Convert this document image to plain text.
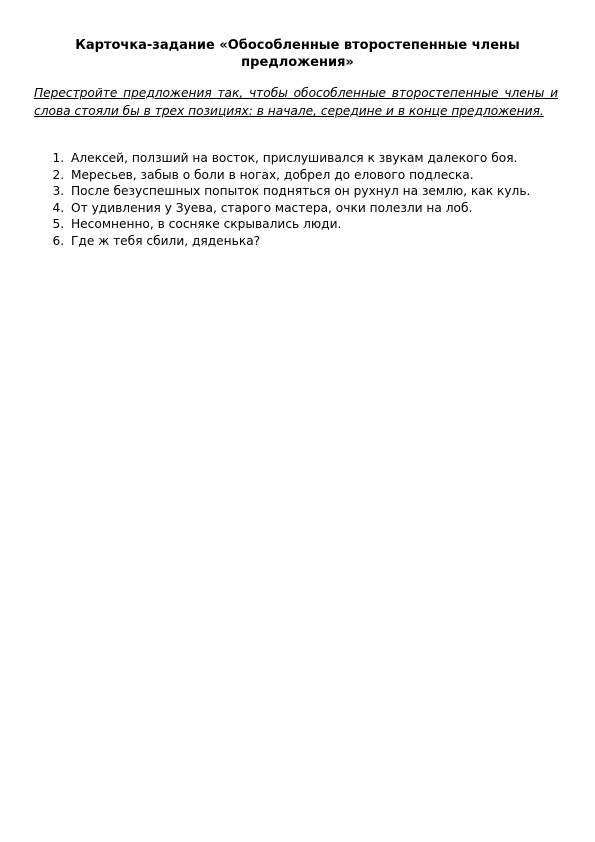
Карточка-задание «Обособленные второстепенные члены предложения»
Перестройте предложения так, чтобы обособленные второстепенные члены и слова стояли бы в трех позициях: в начале, середине и в конце предложения.
1. Алексей, ползший на восток, прислушивался к звукам далекого боя.
2. Мересьев, забыв о боли в ногах, добрел до елового подлеска.
3. После безуспешных попыток подняться он рухнул на землю, как куль.
4. От удивления у Зуева, старого мастера, очки полезли на лоб.
5. Несомненно, в сосняке скрывались люди.
6. Где ж тебя сбили, дяденька?
